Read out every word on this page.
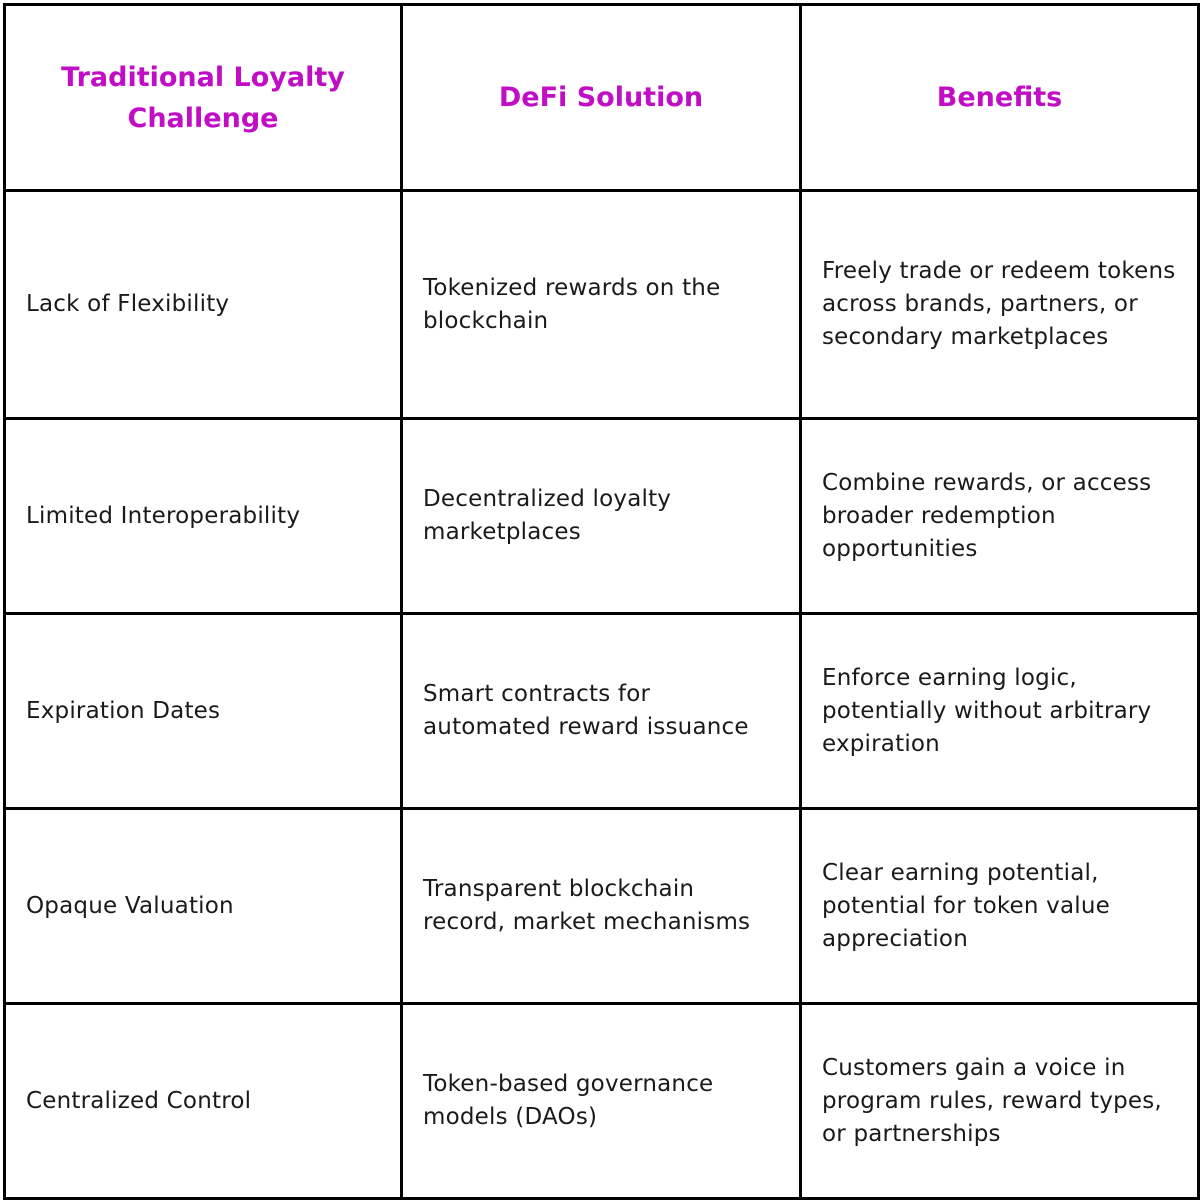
Traditional Loyalty Challenge	DeFi Solution	Benefits

Lack of Flexibility	Tokenized rewards on the blockchain	Freely trade or redeem tokens across brands, partners, or secondary marketplaces

Limited Interoperability	Decentralized loyalty marketplaces	Combine rewards, or access broader redemption opportunities

Expiration Dates	Smart contracts for automated reward issuance	Enforce earning logic, potentially without arbitrary expiration

Opaque Valuation	Transparent blockchain record, market mechanisms	Clear earning potential, potential for token value appreciation

Centralized Control	Token-based governance models (DAOs)	Customers gain a voice in program rules, reward types, or partnerships
